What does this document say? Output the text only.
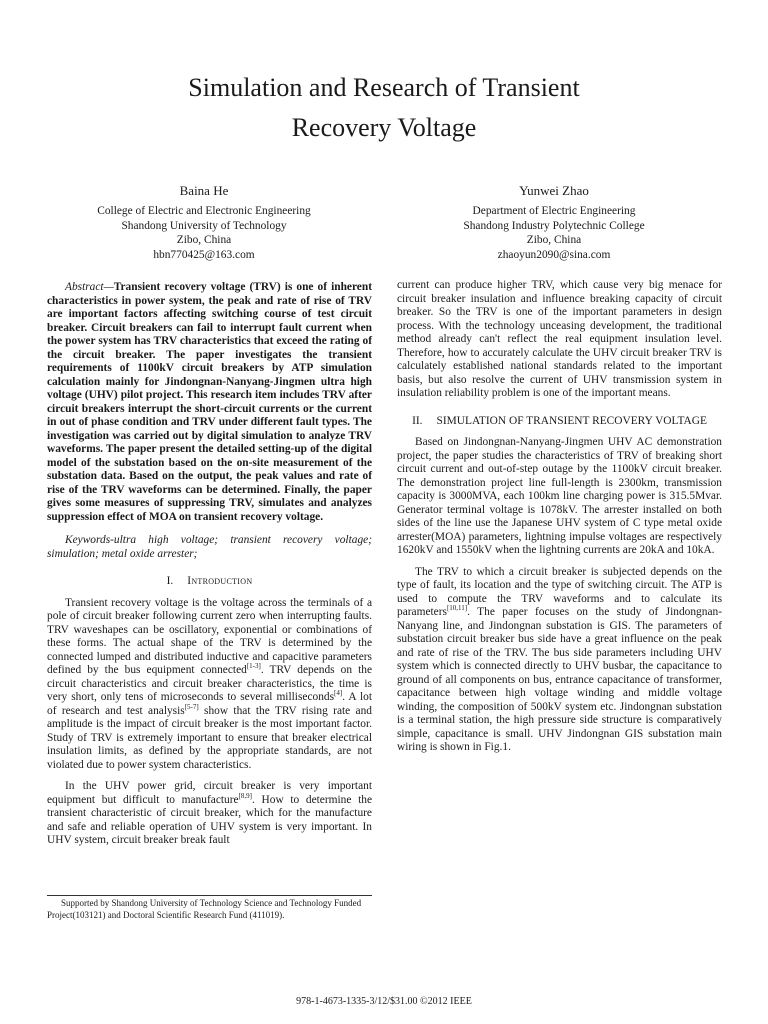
Simulation and Research of Transient
Recovery Voltage
Baina He
College of Electric and Electronic Engineering
Shandong University of Technology
Zibo, China
hbn770425@163.com
Yunwei Zhao
Department of Electric Engineering
Shandong Industry Polytechnic College
Zibo, China
zhaoyun2090@sina.com

Abstract—Transient recovery voltage (TRV) is one of inherent characteristics in power system, the peak and rate of rise of TRV are important factors affecting switching course of test circuit breaker. Circuit breakers can fail to interrupt fault current when the power system has TRV characteristics that exceed the rating of the circuit breaker. The paper investigates the transient requirements of 1100kV circuit breakers by ATP simulation calculation mainly for Jindongnan-Nanyang-Jingmen ultra high voltage (UHV) pilot project. This research item includes TRV after circuit breakers interrupt the short-circuit currents or the current in out of phase condition and TRV under different fault types. The investigation was carried out by digital simulation to analyze TRV waveforms. The paper present the detailed setting-up of the digital model of the substation based on the on-site measurement of the substation data. Based on the output, the peak values and rate of rise of the TRV waveforms can be determined. Finally, the paper gives some measures of suppressing TRV, simulates and analyzes suppression effect of MOA on transient recovery voltage.

Keywords-ultra high voltage; transient recovery voltage; simulation; metal oxide arrester;

I. Introduction

Transient recovery voltage is the voltage across the terminals of a pole of circuit breaker following current zero when interrupting faults. TRV waveshapes can be oscillatory, exponential or combinations of these forms. The actual shape of the TRV is determined by the connected lumped and distributed inductive and capacitive parameters defined by the bus equipment connected[1-3]. TRV depends on the circuit characteristics and circuit breaker characteristics, the time is very short, only tens of microseconds to several milliseconds[4]. A lot of research and test analysis[5-7] show that the TRV rising rate and amplitude is the impact of circuit breaker is the most important factor. Study of TRV is extremely important to ensure that breaker electrical insulation limits, as defined by the appropriate standards, are not violated due to power system characteristics.

In the UHV power grid, circuit breaker is very important equipment but difficult to manufacture[8,9]. How to determine the transient characteristic of circuit breaker, which for the manufacture and safe and reliable operation of UHV system is very important. In UHV system, circuit breaker break fault

current can produce higher TRV, which cause very big menace for circuit breaker insulation and influence breaking capacity of circuit breaker. So the TRV is one of the important parameters in design process. With the technology unceasing development, the traditional method already can't reflect the real equipment insulation level. Therefore, how to accurately calculate the UHV circuit breaker TRV is calculately established national standards related to the important basis, but also resolve the current of UHV transmission system in insulation reliability problem is one of the important means.

II. SIMULATION OF TRANSIENT RECOVERY VOLTAGE

Based on Jindongnan-Nanyang-Jingmen UHV AC demonstration project, the paper studies the characteristics of TRV of breaking short circuit current and out-of-step outage by the 1100kV circuit breaker. The demonstration project line full-length is 2300km, transmission capacity is 3000MVA, each 100km line charging power is 315.5Mvar. Generator terminal voltage is 1078kV. The arrester installed on both sides of the line use the Japanese UHV system of C type metal oxide arrester(MOA) parameters, lightning impulse voltages are respectively 1620kV and 1550kV when the lightning currents are 20kA and 10kA.

The TRV to which a circuit breaker is subjected depends on the type of fault, its location and the type of switching circuit. The ATP is used to compute the TRV waveforms and to calculate its parameters[10,11]. The paper focuses on the study of Jindongnan-Nanyang line, and Jindongnan substation is GIS. The parameters of substation circuit breaker bus side have a great influence on the peak and rate of rise of the TRV. The bus side parameters including UHV system which is connected directly to UHV busbar, the capacitance to ground of all components on bus, entrance capacitance of transformer, capacitance between high voltage winding and middle voltage winding, the composition of 500kV system etc. Jindongnan substation is a terminal station, the high pressure side structure is comparatively simple, capacitance is small. UHV Jindongnan GIS substation main wiring is shown in Fig.1.

Supported by Shandong University of Technology Science and Technology Funded Project(103121) and Doctoral Scientific Research Fund (411019).

978-1-4673-1335-3/12/$31.00 ©2012 IEEE
